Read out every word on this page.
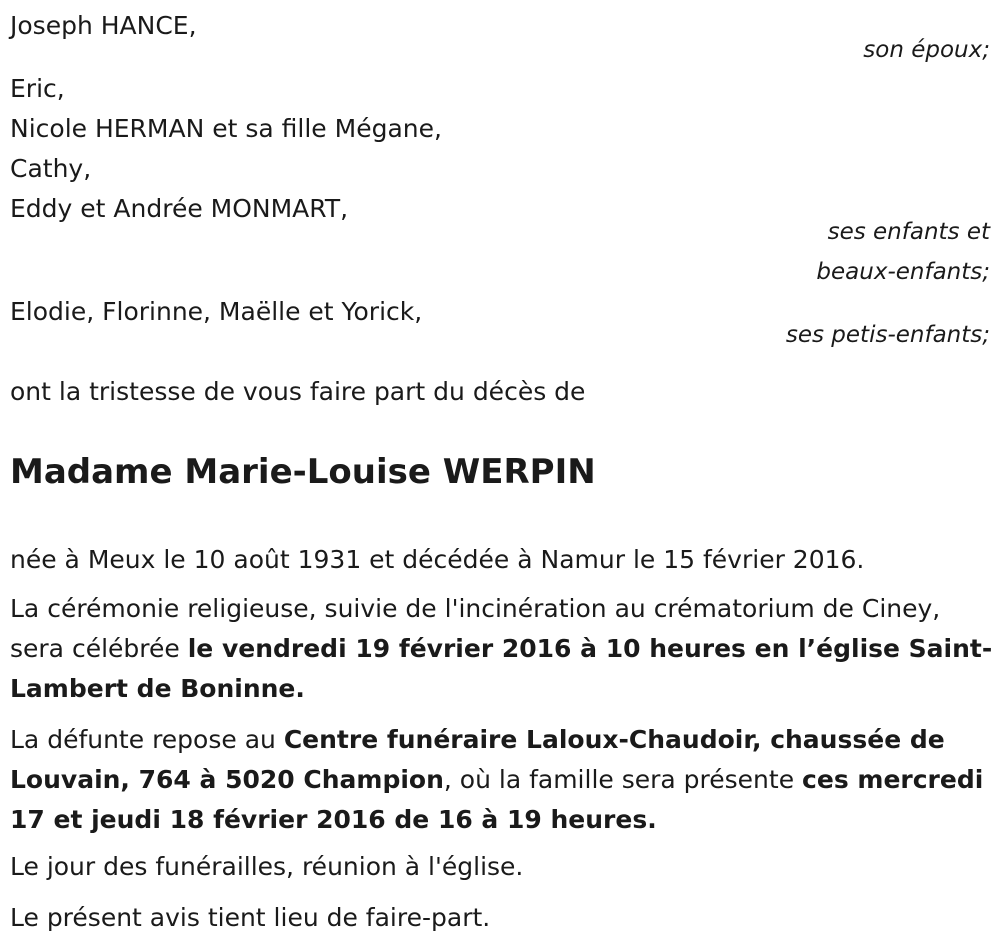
Joseph HANCE,
son époux;
Eric,
Nicole HERMAN et sa fille Mégane,
Cathy,
Eddy et Andrée MONMART,
ses enfants et
beaux-enfants;
Elodie, Florinne, Maëlle et Yorick,
ses petis-enfants;
ont la tristesse de vous faire part du décès de
Madame Marie-Louise WERPIN
née à Meux le 10 août 1931 et décédée à Namur le 15 février 2016.
La cérémonie religieuse, suivie de l'incinération au crématorium de Ciney, sera célébrée le vendredi 19 février 2016 à 10 heures en l’église Saint-Lambert de Boninne.
La défunte repose au Centre funéraire Laloux-Chaudoir, chaussée de Louvain, 764 à 5020 Champion, où la famille sera présente ces mercredi 17 et jeudi 18 février 2016 de 16 à 19 heures.
Le jour des funérailles, réunion à l'église.
Le présent avis tient lieu de faire-part.
